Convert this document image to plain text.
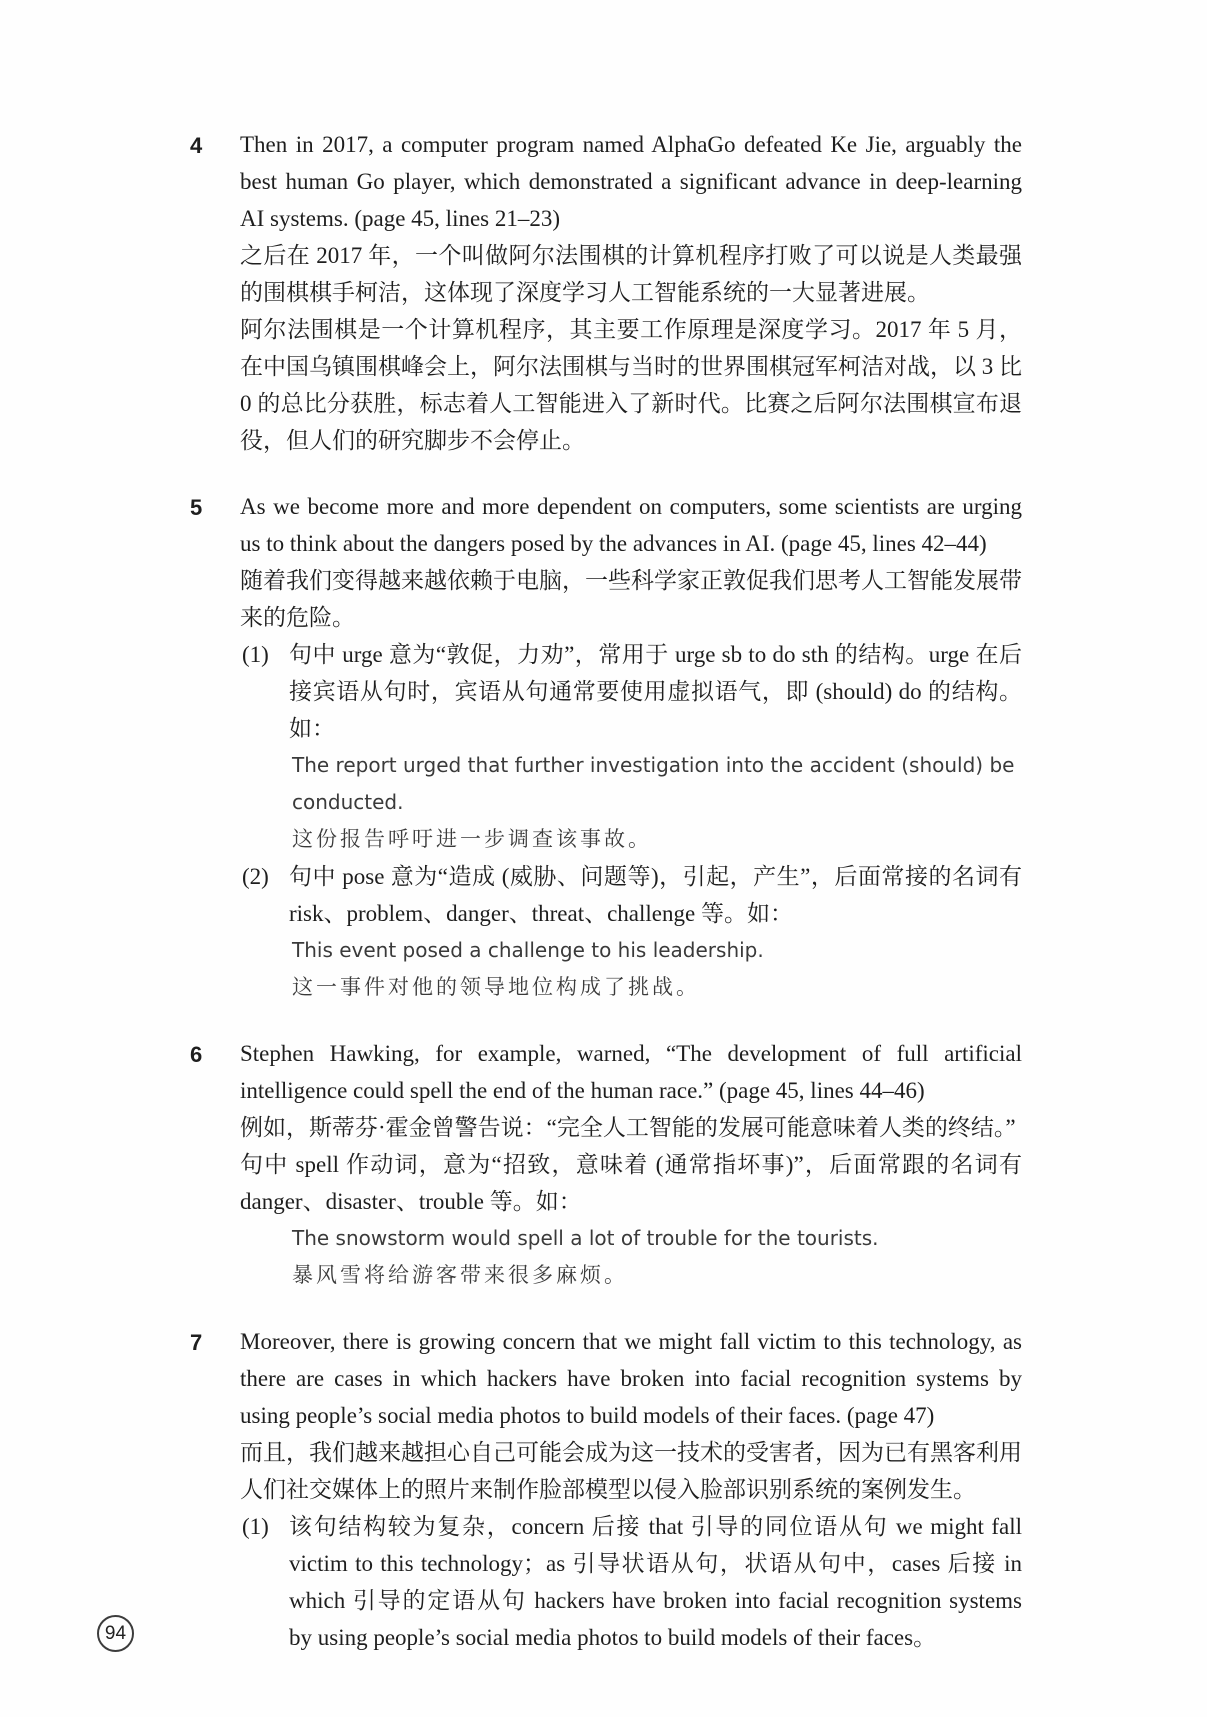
4	Then in 2017, a computer program named AlphaGo defeated Ke Jie, arguably the best human Go player, which demonstrated a significant advance in deep-learning AI systems. (page 45, lines 21–23)
之后在 2017 年，一个叫做阿尔法围棋的计算机程序打败了可以说是人类最强的围棋棋手柯洁，这体现了深度学习人工智能系统的一大显著进展。
阿尔法围棋是一个计算机程序，其主要工作原理是深度学习。2017 年 5 月，在中国乌镇围棋峰会上，阿尔法围棋与当时的世界围棋冠军柯洁对战，以 3 比 0 的总比分获胜，标志着人工智能进入了新时代。比赛之后阿尔法围棋宣布退役，但人们的研究脚步不会停止。
5	As we become more and more dependent on computers, some scientists are urging us to think about the dangers posed by the advances in AI. (page 45, lines 42–44)
随着我们变得越来越依赖于电脑，一些科学家正敦促我们思考人工智能发展带来的危险。
(1) 句中 urge 意为“敦促，力劝”，常用于 urge sb to do sth 的结构。urge 在后接宾语从句时，宾语从句通常要使用虚拟语气，即 (should) do 的结构。如：
The report urged that further investigation into the accident (should) be conducted.
这份报告呼吁进一步调查该事故。
(2) 句中 pose 意为“造成 (威胁、问题等)，引起，产生”，后面常接的名词有 risk、problem、danger、threat、challenge 等。如：
This event posed a challenge to his leadership.
这一事件对他的领导地位构成了挑战。
6	Stephen Hawking, for example, warned, “The development of full artificial intelligence could spell the end of the human race.” (page 45, lines 44–46)
例如，斯蒂芬·霍金曾警告说：“完全人工智能的发展可能意味着人类的终结。”
句中 spell 作动词，意为“招致，意味着 (通常指坏事)”，后面常跟的名词有 danger、disaster、trouble 等。如：
The snowstorm would spell a lot of trouble for the tourists.
暴风雪将给游客带来很多麻烦。
7	Moreover, there is growing concern that we might fall victim to this technology, as there are cases in which hackers have broken into facial recognition systems by using people’s social media photos to build models of their faces. (page 47)
而且，我们越来越担心自己可能会成为这一技术的受害者，因为已有黑客利用人们社交媒体上的照片来制作脸部模型以侵入脸部识别系统的案例发生。
(1) 该句结构较为复杂，concern 后接 that 引导的同位语从句 we might fall victim to this technology；as 引导状语从句，状语从句中，cases 后接 in which 引导的定语从句 hackers have broken into facial recognition systems by using people’s social media photos to build models of their faces。
94
